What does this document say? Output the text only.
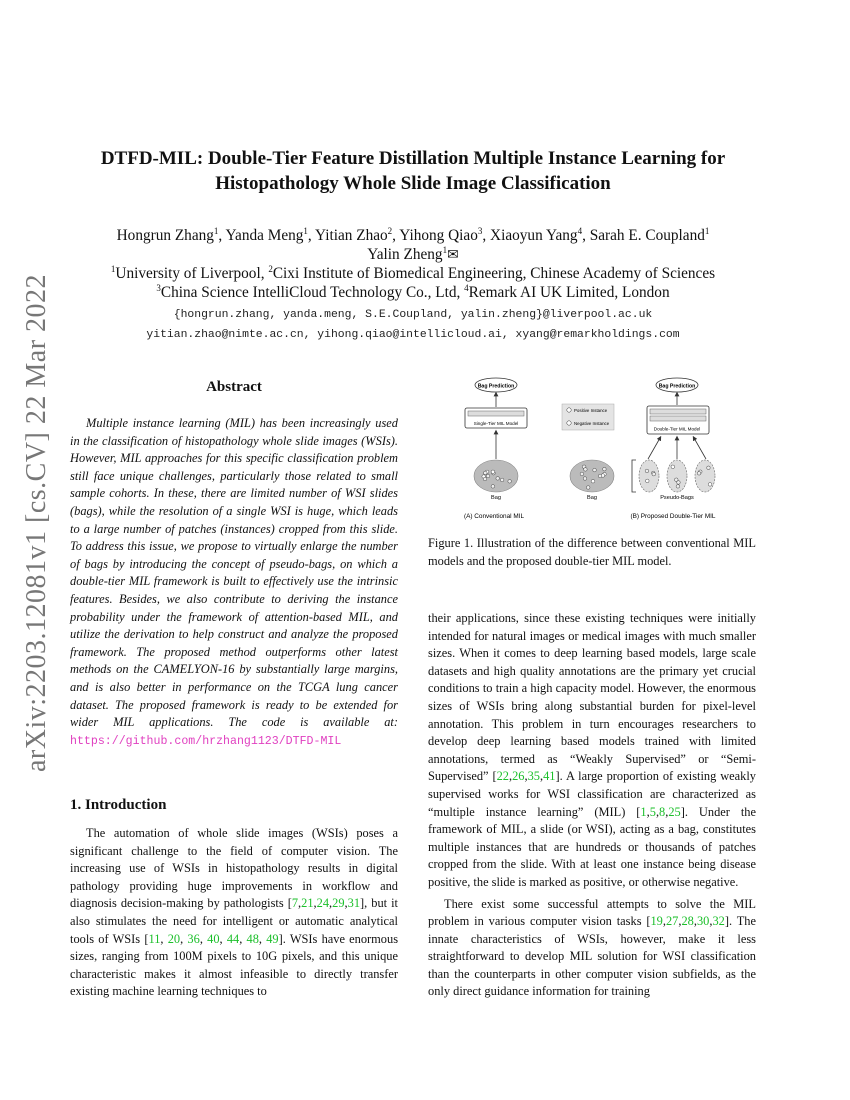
arXiv:2203.12081v1 [cs.CV] 22 Mar 2022
DTFD-MIL: Double-Tier Feature Distillation Multiple Instance Learning for Histopathology Whole Slide Image Classification
Hongrun Zhang$^1$, Yanda Meng$^1$, Yitian Zhao$^2$, Yihong Qiao$^3$, Xiaoyun Yang$^4$, Sarah E. Coupland$^1$
Yalin Zheng$^1$✉
$^1$University of Liverpool, $^2$Cixi Institute of Biomedical Engineering, Chinese Academy of Sciences
$^3$China Science IntelliCloud Technology Co., Ltd, $^4$Remark AI UK Limited, London
{hongrun.zhang, yanda.meng, S.E.Coupland, yalin.zheng}@liverpool.ac.uk
yitian.zhao@nimte.ac.cn, yihong.qiao@intellicloud.ai, xyang@remarkholdings.com
Abstract

Multiple instance learning (MIL) has been increasingly used in the classification of histopathology whole slide images (WSIs). However, MIL approaches for this specific classification problem still face unique challenges, particularly those related to small sample cohorts. In these, there are limited number of WSI slides (bags), while the resolution of a single WSI is huge, which leads to a large number of patches (instances) cropped from this slide. To address this issue, we propose to virtually enlarge the number of bags by introducing the concept of pseudo-bags, on which a double-tier MIL framework is built to effectively use the intrinsic features. Besides, we also contribute to deriving the instance probability under the framework of attention-based MIL, and utilize the derivation to help construct and analyze the proposed framework. The proposed method outperforms other latest methods on the CAMELYON-16 by substantially large margins, and is also better in performance on the TCGA lung cancer dataset. The proposed framework is ready to be extended for wider MIL applications. The code is available at: https://github.com/hrzhang1123/DTFD-MIL

1. Introduction

The automation of whole slide images (WSIs) poses a significant challenge to the field of computer vision. The increasing use of WSIs in histopathology results in digital pathology providing huge improvements in workflow and diagnosis decision-making by pathologists [7,21,24,29,31], but it also stimulates the need for intelligent or automatic analytical tools of WSIs [11, 20, 36, 40, 44, 48, 49]. WSIs have enormous sizes, ranging from 100M pixels to 10G pixels, and this unique characteristic makes it almost infeasible to directly transfer existing machine learning techniques to

Bag Prediction
Single-Tier MIL Model
Bag
(A) Conventional MIL
Positive Instance
Negative Instance
Bag Prediction
Double-Tier MIL Model
Bag	Pseudo-Bags
(B) Proposed Double-Tier MIL
Figure 1. Illustration of the difference between conventional MIL models and the proposed double-tier MIL model.

their applications, since these existing techniques were initially intended for natural images or medical images with much smaller sizes. When it comes to deep learning based models, large scale datasets and high quality annotations are the primary yet crucial conditions to train a high capacity model. However, the enormous sizes of WSIs bring along substantial burden for pixel-level annotation. This problem in turn encourages researchers to develop deep learning based models trained with limited annotations, termed as “Weakly Supervised” or “Semi-Supervised” [22,26,35,41]. A large proportion of existing weakly supervised works for WSI classification are characterized as “multiple instance learning” (MIL) [1,5,8,25]. Under the framework of MIL, a slide (or WSI), acting as a bag, constitutes multiple instances that are hundreds or thousands of patches cropped from the slide. With at least one instance being disease positive, the slide is marked as positive, or otherwise negative.

There exist some successful attempts to solve the MIL problem in various computer vision tasks [19,27,28,30,32]. The innate characteristics of WSIs, however, make it less straightforward to develop MIL solution for WSI classification than the counterparts in other computer vision subfields, as the only direct guidance information for training
